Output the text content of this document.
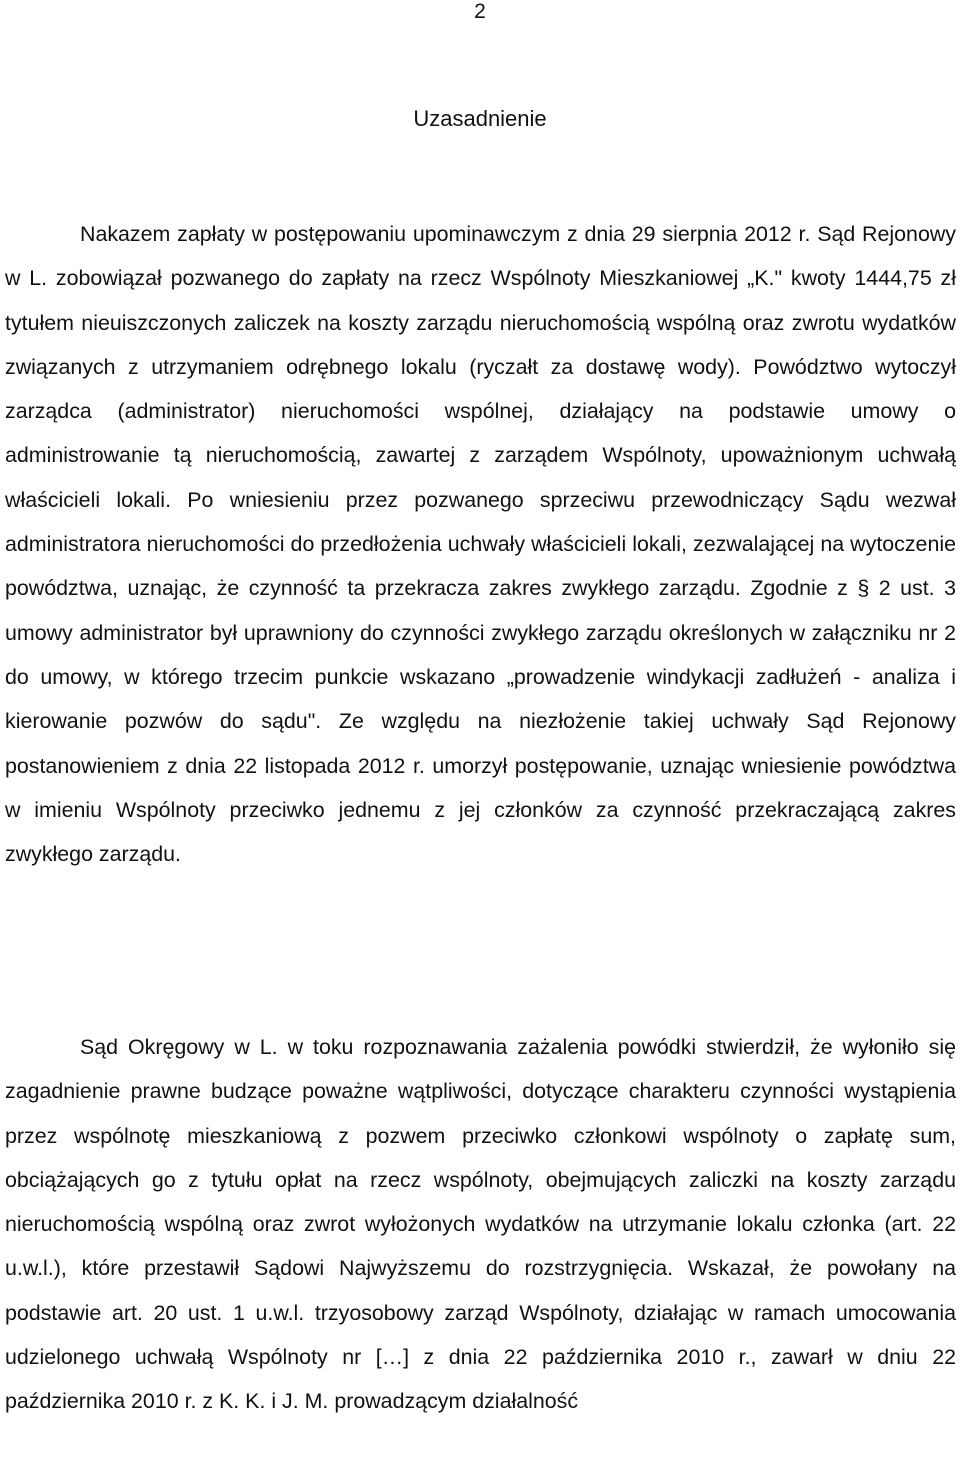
2
Uzasadnienie

Nakazem zapłaty w postępowaniu upominawczym z dnia 29 sierpnia 2012 r. Sąd Rejonowy w L. zobowiązał pozwanego do zapłaty na rzecz Wspólnoty Mieszkaniowej „K." kwoty 1444,75 zł tytułem nieuiszczonych zaliczek na koszty zarządu nieruchomością wspólną oraz zwrotu wydatków związanych z utrzymaniem odrębnego lokalu (ryczałt za dostawę wody). Powództwo wytoczył zarządca (administrator) nieruchomości wspólnej, działający na podstawie umowy o administrowanie tą nieruchomością, zawartej z zarządem Wspólnoty, upoważnionym uchwałą właścicieli lokali. Po wniesieniu przez pozwanego sprzeciwu przewodniczący Sądu wezwał administratora nieruchomości do przedłożenia uchwały właścicieli lokali, zezwalającej na wytoczenie powództwa, uznając, że czynność ta przekracza zakres zwykłego zarządu. Zgodnie z § 2 ust. 3 umowy administrator był uprawniony do czynności zwykłego zarządu określonych w załączniku nr 2 do umowy, w którego trzecim punkcie wskazano „prowadzenie windykacji zadłużeń - analiza i kierowanie pozwów do sądu". Ze względu na niezłożenie takiej uchwały Sąd Rejonowy postanowieniem z dnia 22 listopada 2012 r. umorzył postępowanie, uznając wniesienie powództwa w imieniu Wspólnoty przeciwko jednemu z jej członków za czynność przekraczającą zakres zwykłego zarządu.

Sąd Okręgowy w L. w toku rozpoznawania zażalenia powódki stwierdził, że wyłoniło się zagadnienie prawne budzące poważne wątpliwości, dotyczące charakteru czynności wystąpienia przez wspólnotę mieszkaniową z pozwem przeciwko członkowi wspólnoty o zapłatę sum, obciążających go z tytułu opłat na rzecz wspólnoty, obejmujących zaliczki na koszty zarządu nieruchomością wspólną oraz zwrot wyłożonych wydatków na utrzymanie lokalu członka (art. 22 u.w.l.), które przestawił Sądowi Najwyższemu do rozstrzygnięcia. Wskazał, że powołany na podstawie art. 20 ust. 1 u.w.l. trzyosobowy zarząd Wspólnoty, działając w ramach umocowania udzielonego uchwałą Wspólnoty nr […] z dnia 22 października 2010 r., zawarł w dniu 22 października 2010 r. z K. K. i J. M. prowadzącym działalność
